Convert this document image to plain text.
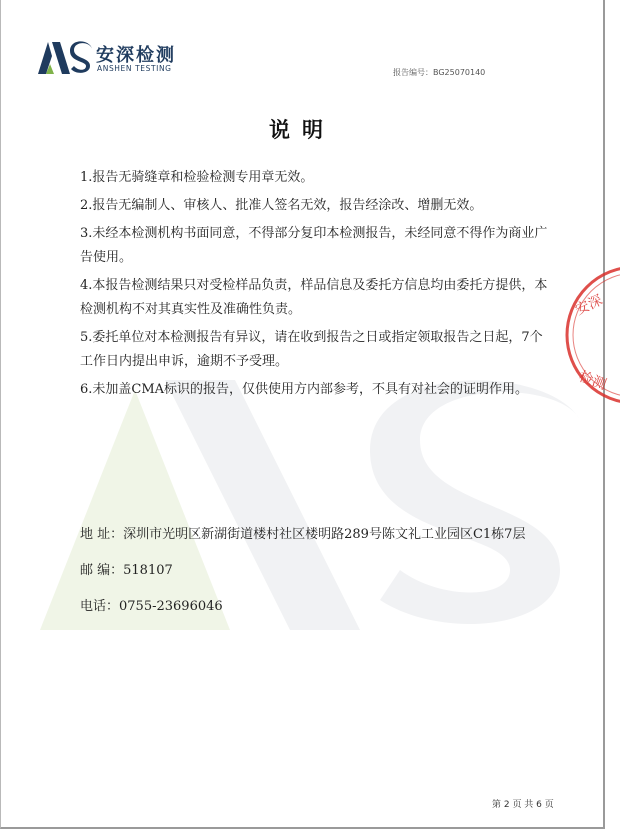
安深
检测
安深检测
ANSHEN TESTING	报告编号：BG25070140
说明
1.报告无骑缝章和检验检测专用章无效。
2.报告无编制人、审核人、批准人签名无效，报告经涂改、增删无效。
3.未经本检测机构书面同意，不得部分复印本检测报告，未经同意不得作为商业广告使用。
4.本报告检测结果只对受检样品负责，样品信息及委托方信息均由委托方提供，本检测机构不对其真实性及准确性负责。
5.委托单位对本检测报告有异议，请在收到报告之日或指定领取报告之日起，7个工作日内提出申诉，逾期不予受理。
6.未加盖CMA标识的报告，仅供使用方内部参考，不具有对社会的证明作用。
地 址：深圳市光明区新湖街道楼村社区楼明路289号陈文礼工业园区C1栋7层
邮 编：518107
电话：0755-23696046
第 2 页 共 6 页
